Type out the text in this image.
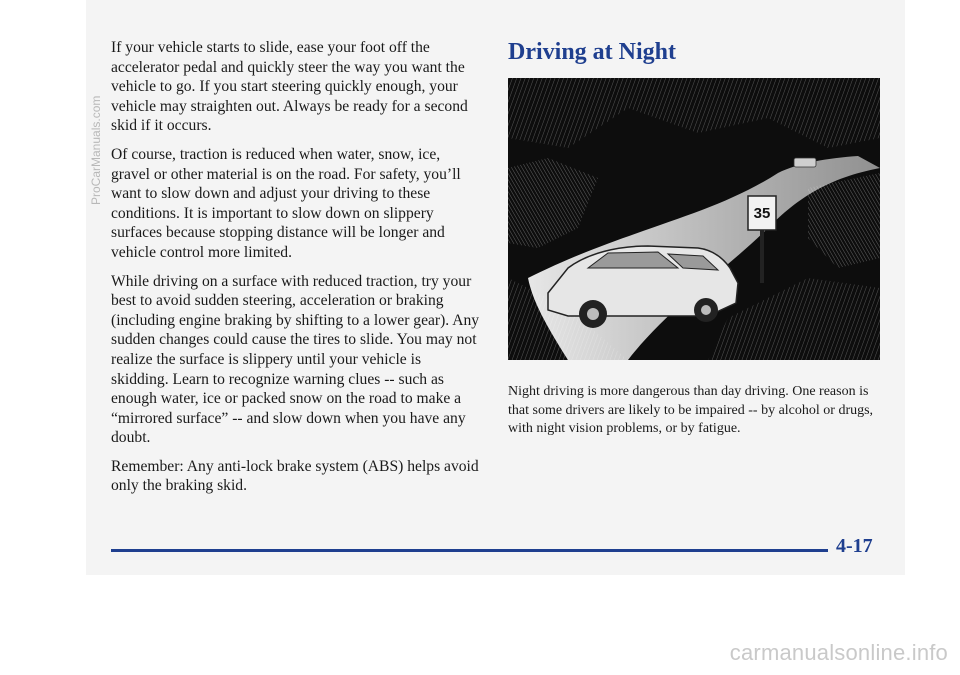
If your vehicle starts to slide, ease your foot off the accelerator pedal and quickly steer the way you want the vehicle to go. If you start steering quickly enough, your vehicle may straighten out. Always be ready for a second skid if it occurs.

Of course, traction is reduced when water, snow, ice, gravel or other material is on the road. For safety, you’ll want to slow down and adjust your driving to these conditions. It is important to slow down on slippery surfaces because stopping distance will be longer and vehicle control more limited.

While driving on a surface with reduced traction, try your best to avoid sudden steering, acceleration or braking (including engine braking by shifting to a lower gear). Any sudden changes could cause the tires to slide. You may not realize the surface is slippery until your vehicle is skidding. Learn to recognize warning clues -- such as enough water, ice or packed snow on the road to make a “mirrored surface” -- and slow down when you have any doubt.

Remember: Any anti-lock brake system (ABS) helps avoid only the braking skid.

Driving at Night
35

Night driving is more dangerous than day driving. One reason is that some drivers are likely to be impaired -- by alcohol or drugs, with night vision problems, or by fatigue.

4-17
ProCarManuals.com
carmanualsonline.info
